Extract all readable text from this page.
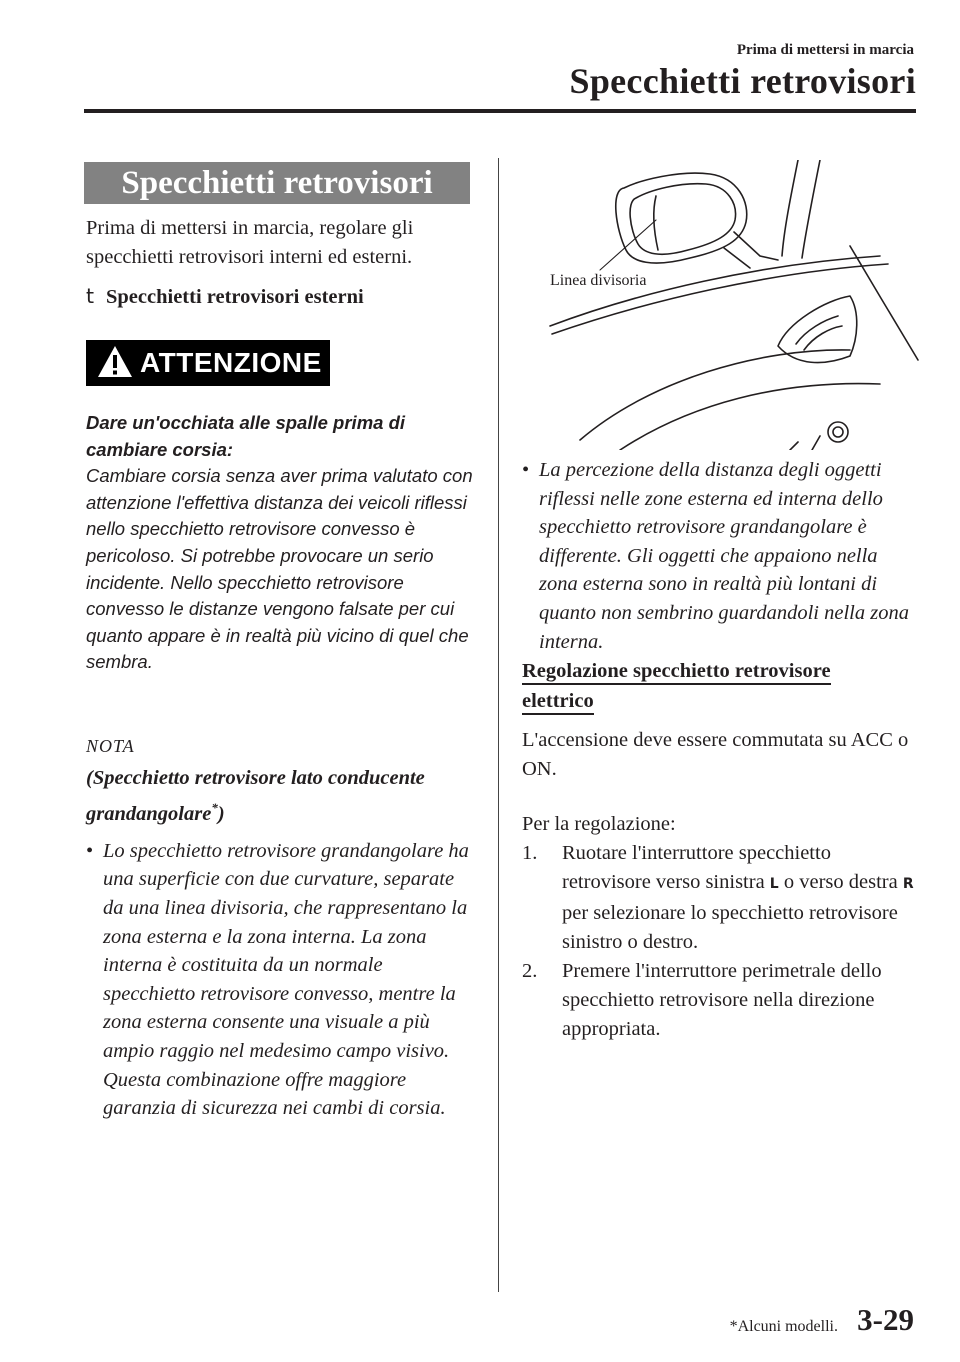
Prima di mettersi in marcia
Specchietti retrovisori
Specchietti retrovisori
Prima di mettersi in marcia, regolare gli specchietti retrovisori interni ed esterni.
t Specchietti retrovisori esterni
ATTENZIONE
Dare un'occhiata alle spalle prima di cambiare corsia:
Cambiare corsia senza aver prima valutato con attenzione l'effettiva distanza dei veicoli riflessi nello specchietto retrovisore convesso è pericoloso. Si potrebbe provocare un serio incidente. Nello specchietto retrovisore convesso le distanze vengono falsate per cui quanto appare è in realtà più vicino di quel che sembra.
NOTA
(Specchietto retrovisore lato conducente grandangolare*)
• Lo specchietto retrovisore grandangolare ha una superficie con due curvature, separate da una linea divisoria, che rappresentano la zona esterna e la zona interna. La zona interna è costituita da un normale specchietto retrovisore convesso, mentre la zona esterna consente una visuale a più ampio raggio nel medesimo campo visivo. Questa combinazione offre maggiore garanzia di sicurezza nei cambi di corsia.
Linea divisoria
• La percezione della distanza degli oggetti riflessi nelle zone esterna ed interna dello specchietto retrovisore grandangolare è differente. Gli oggetti che appaiono nella zona esterna sono in realtà più lontani di quanto non sembrino guardandoli nella zona interna.
Regolazione specchietto retrovisore
elettrico
L'accensione deve essere commutata su ACC o ON.
Per la regolazione:
1. Ruotare l'interruttore specchietto retrovisore verso sinistra L o verso destra R per selezionare lo specchietto retrovisore sinistro o destro.
2. Premere l'interruttore perimetrale dello specchietto retrovisore nella direzione appropriata.
*Alcuni modelli. 3-29
